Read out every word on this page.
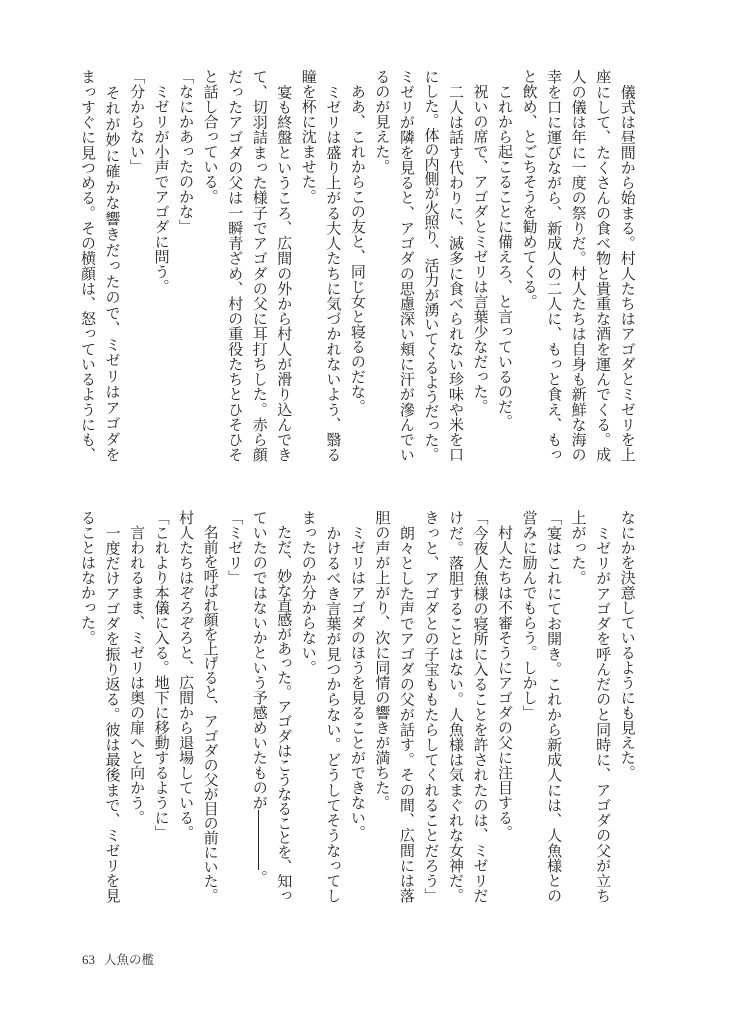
　儀式は昼間から始まる。村人たちはアゴダとミゼリを上
座にして、たくさんの食べ物と貴重な酒を運んでくる。成
人の儀は年に一度の祭りだ。村人たちは自身も新鮮な海の
幸を口に運びながら、新成人の二人に、もっと食え、もっ
と飲め、とごちそうを勧めてくる。
　これから起こることに備えろ、と言っているのだ。
　祝いの席で、アゴダとミゼリは言葉少なだった。
　二人は話す代わりに、滅多に食べられない珍味や米を口
にした。体の内側が火照り、活力が湧いてくるようだった。
ミゼリが隣を見ると、アゴダの思慮深い頬に汗が滲んでい
るのが見えた。
　ああ、これからこの友と、同じ女と寝るのだな。
　ミゼリは盛り上がる大人たちに気づかれないよう、翳る
瞳を杯に沈ませた。
　宴も終盤というころ、広間の外から村人が滑り込んでき
て、切羽詰まった様子でアゴダの父に耳打ちした。赤ら顔
だったアゴダの父は一瞬青ざめ、村の重役たちとひそひそ
と話し合っている。
「なにかあったのかな」
　ミゼリが小声でアゴダに問う。
「分からない」
　それが妙に確かな響きだったので、ミゼリはアゴダを
まっすぐに見つめる。その横顔は、怒っているようにも、
なにかを決意しているようにも見えた。
　ミゼリがアゴダを呼んだのと同時に、アゴダの父が立ち
上がった。
「宴はこれにてお開き。これから新成人には、人魚様との
営みに励んでもらう。しかし」
　村人たちは不審そうにアゴダの父に注目する。
「今夜人魚様の寝所に入ることを許されたのは、ミゼリだ
けだ。落胆することはない。人魚様は気まぐれな女神だ。
きっと、アゴダとの子宝ももたらしてくれることだろう」
　朗々とした声でアゴダの父が話す。その間、広間には落
胆の声が上がり、次に同情の響きが満ちた。
　ミゼリはアゴダのほうを見ることができない。
　かけるべき言葉が見つからない。どうしてそうなってし
まったのか分からない。
　ただ、妙な直感があった。アゴダはこうなることを、知っ
ていたのではないかという予感めいたものが――――。
「ミゼリ」
　名前を呼ばれ顔を上げると、アゴダの父が目の前にいた。
村人たちはぞろぞろと、広間から退場している。
「これより本儀に入る。地下に移動するように」
　言われるまま、ミゼリは奥の扉へと向かう。
　一度だけアゴダを振り返る。彼は最後まで、ミゼリを見
ることはなかった。
63 人魚の檻
